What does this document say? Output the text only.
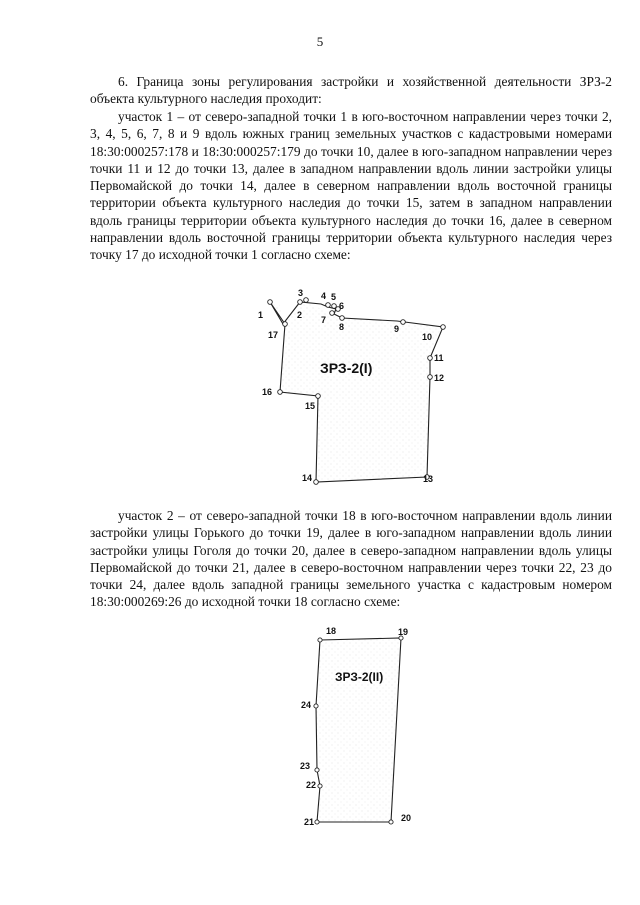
5

6. Граница зоны регулирования застройки и хозяйственной деятельности ЗРЗ-2 объекта культурного наследия проходит:

участок 1 – от северо-западной точки 1 в юго-восточном направлении через точки 2, 3, 4, 5, 6, 7, 8 и 9 вдоль южных границ земельных участков с кадастровыми номерами 18:30:000257:178 и 18:30:000257:179 до точки 10, далее в юго-западном направлении через точки 11 и 12 до точки 13, далее в западном направлении вдоль линии застройки улицы Первомайской до точки 14, далее в северном направлении вдоль восточной границы территории объекта культурного наследия до точки 15, затем в западном направлении вдоль границы территории объекта культурного наследия до точки 16, далее в северном направлении вдоль восточной границы территории объекта культурного наследия через точку 17 до исходной точки 1 согласно схеме:

1	2
3 4 5
6
7
8	9
10
11
12
13
14
15
16
17
ЗРЗ-2(I)

участок 2 – от северо-западной точки 18 в юго-восточном направлении вдоль линии застройки улицы Горького до точки 19, далее в юго-западном направлении вдоль линии застройки улицы Гоголя до точки 20, далее в северо-западном направлении вдоль улицы Первомайской до точки 21, далее в северо-восточном направлении через точки 22, 23 до точки 24, далее вдоль западной границы земельного участка с кадастровым номером 18:30:000269:26 до исходной точки 18 согласно схеме:

18	19
20
21
22
23
24
ЗРЗ-2(II)
